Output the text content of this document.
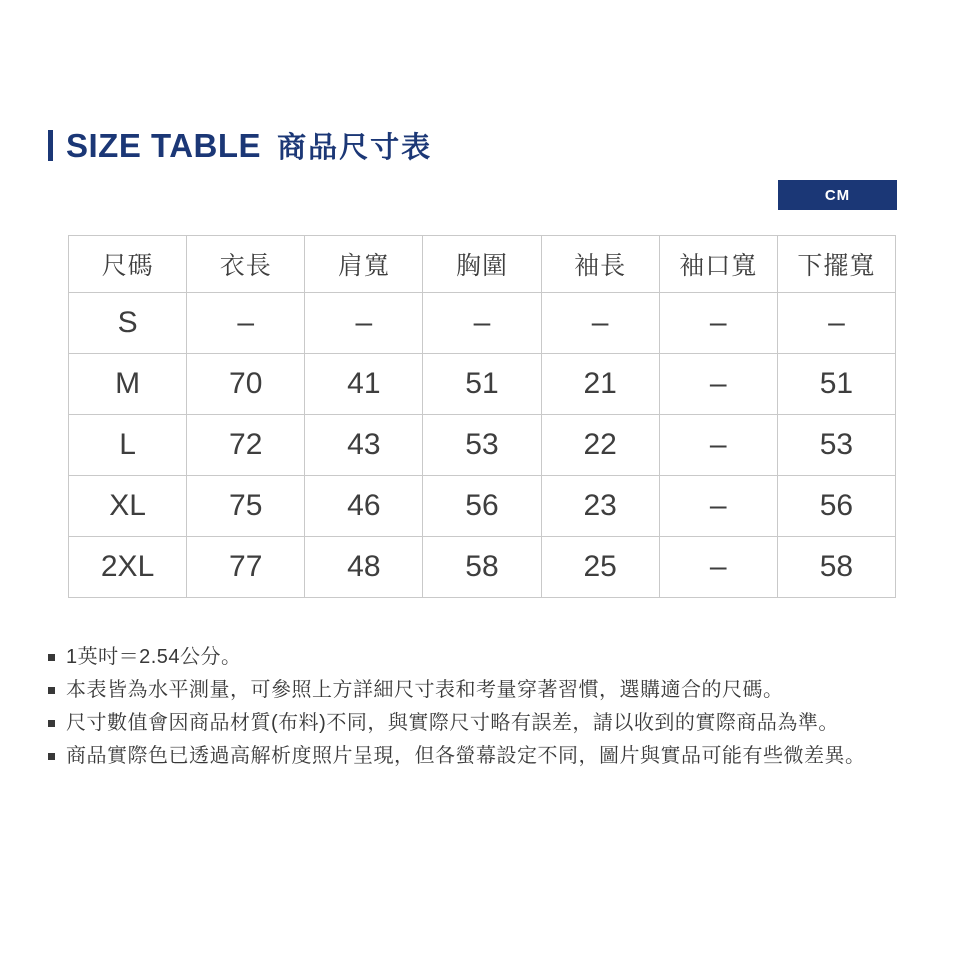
SIZE TABLE 商品尺寸表
CM
尺碼	衣長	肩寬	胸圍	袖長	袖口寬	下擺寬
S	–	–	–	–	–	–
M	70	41	51	21	–	51
L	72	43	53	22	–	53
XL	75	46	56	23	–	56
2XL	77	48	58	25	–	58
1英吋＝2.54公分。
本表皆為水平測量，可參照上方詳細尺寸表和考量穿著習慣，選購適合的尺碼。
尺寸數值會因商品材質(布料)不同，與實際尺寸略有誤差，請以收到的實際商品為準。
商品實際色已透過高解析度照片呈現，但各螢幕設定不同，圖片與實品可能有些微差異。
